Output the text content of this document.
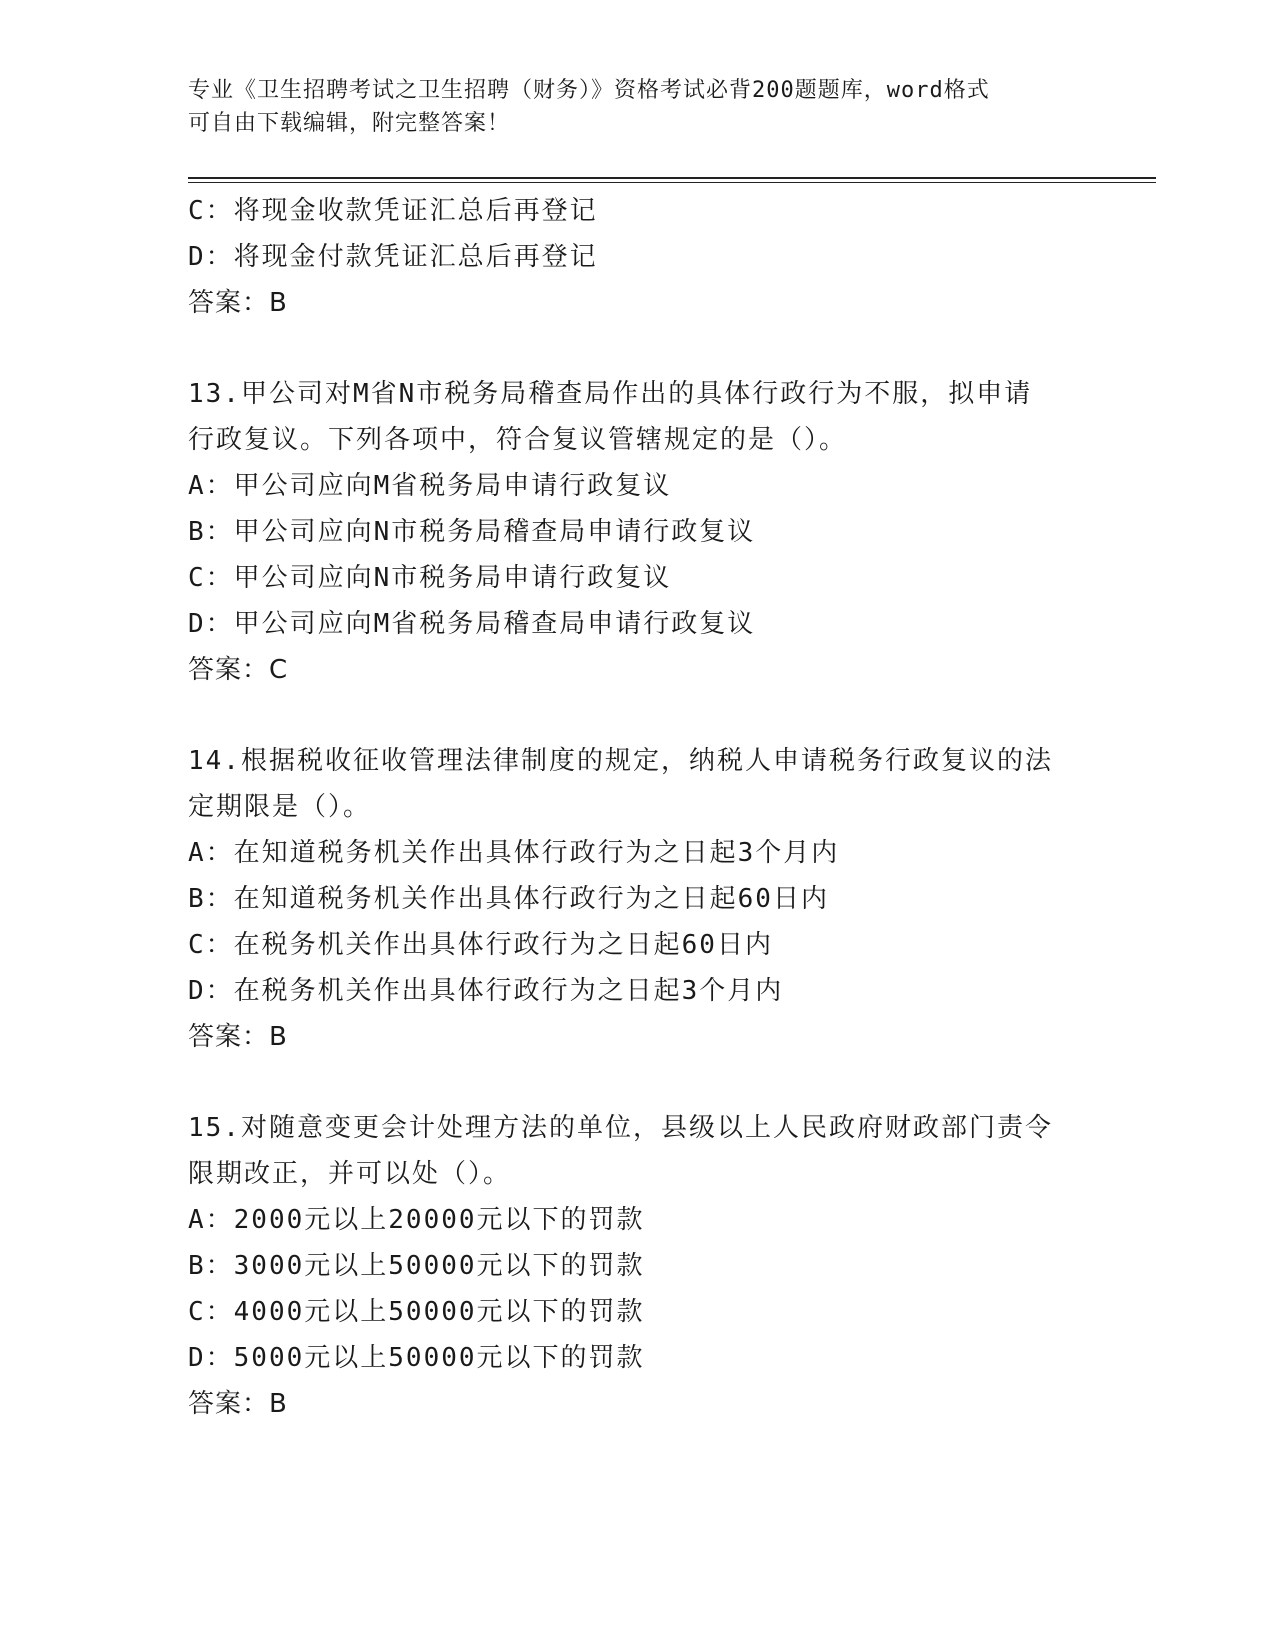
专业《卫生招聘考试之卫生招聘（财务）》资格考试必背200题题库，word格式
可自由下载编辑，附完整答案！
C：将现金收款凭证汇总后再登记
D：将现金付款凭证汇总后再登记
答案：B
13.甲公司对M省N市税务局稽查局作出的具体行政行为不服，拟申请
行政复议。下列各项中，符合复议管辖规定的是（）。
A：甲公司应向M省税务局申请行政复议
B：甲公司应向N市税务局稽查局申请行政复议
C：甲公司应向N市税务局申请行政复议
D：甲公司应向M省税务局稽查局申请行政复议
答案：C
14.根据税收征收管理法律制度的规定，纳税人申请税务行政复议的法
定期限是（）。
A：在知道税务机关作出具体行政行为之日起3个月内
B：在知道税务机关作出具体行政行为之日起60日内
C：在税务机关作出具体行政行为之日起60日内
D：在税务机关作出具体行政行为之日起3个月内
答案：B
15.对随意变更会计处理方法的单位，县级以上人民政府财政部门责令
限期改正，并可以处（）。
A：2000元以上20000元以下的罚款
B：3000元以上50000元以下的罚款
C：4000元以上50000元以下的罚款
D：5000元以上50000元以下的罚款
答案：B
